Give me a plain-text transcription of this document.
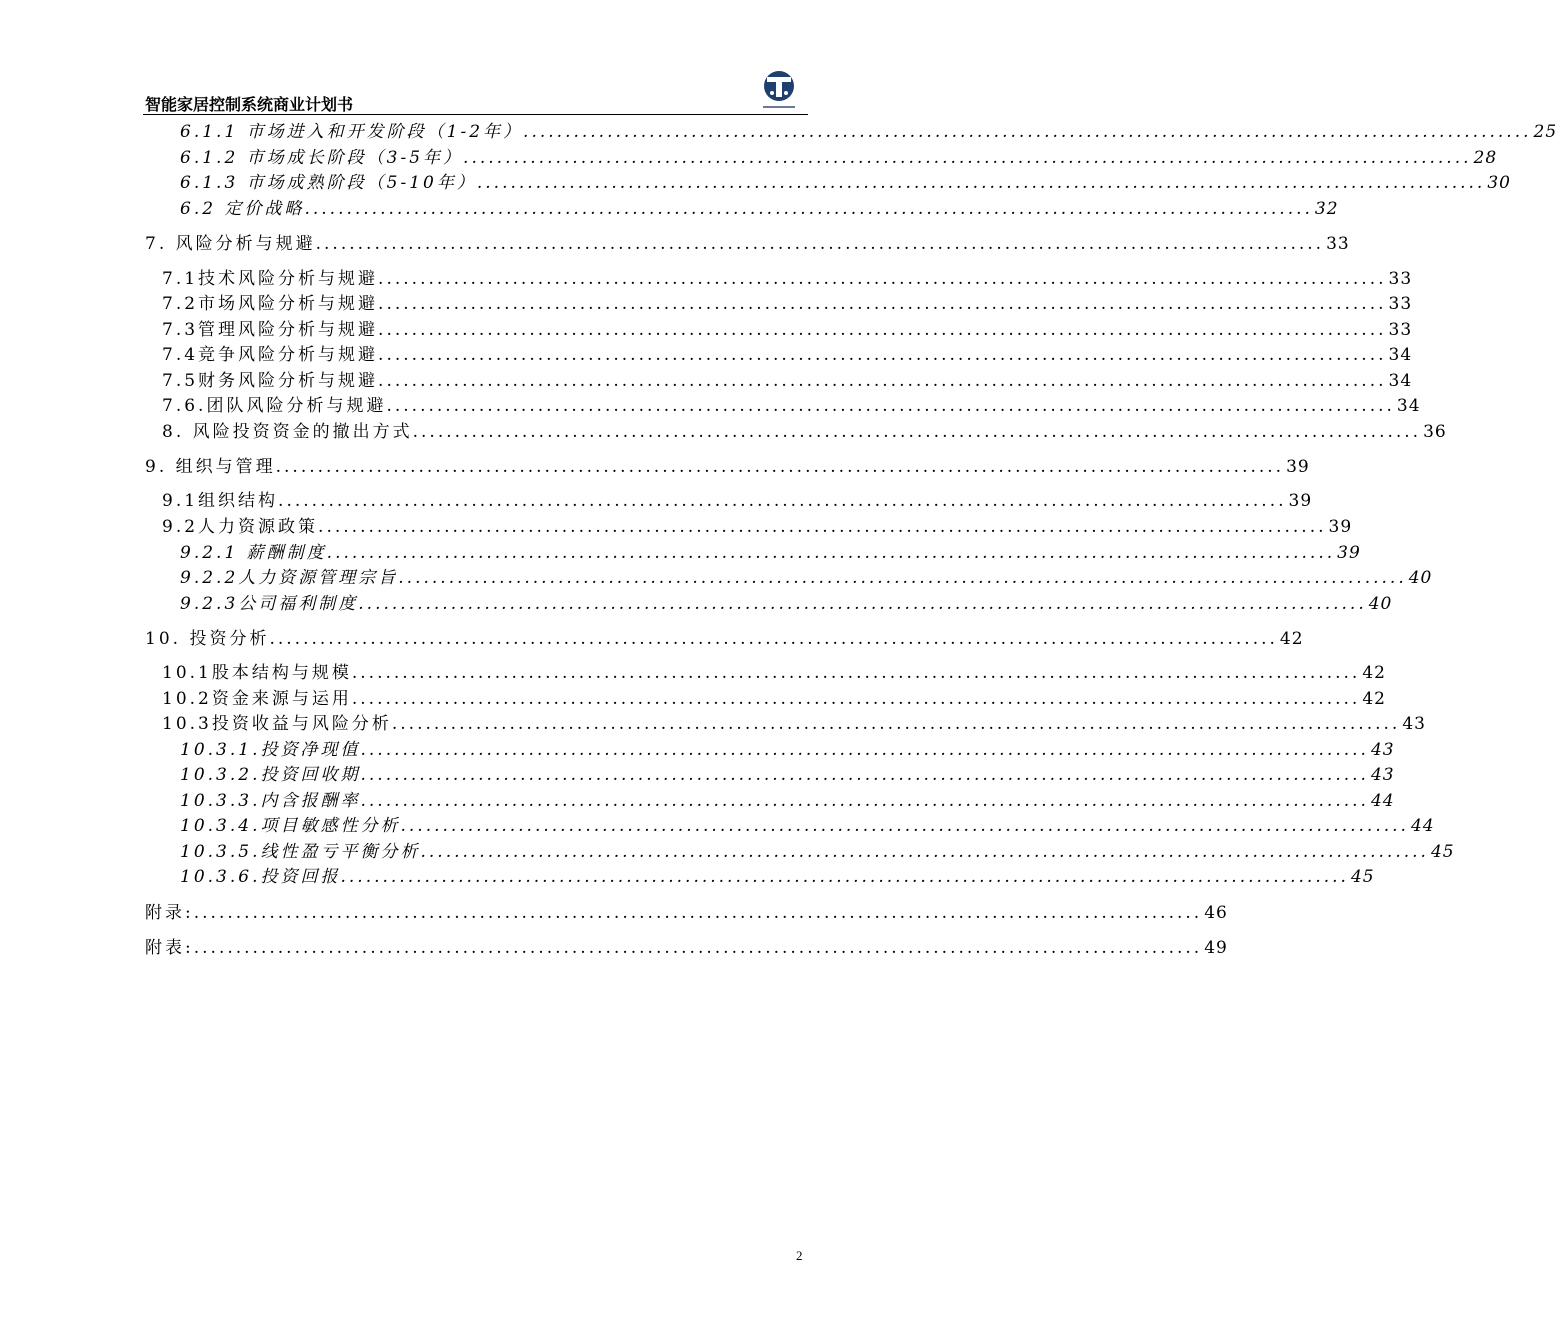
智能家居控制系统商业计划书
6.1.1 市场进入和开发阶段（1-2年） ........................................................................................................................ 25
6.1.2 市场成长阶段（3-5年） ........................................................................................................................ 28
6.1.3 市场成熟阶段（5-10年） ........................................................................................................................ 30
6.2 定价战略 ........................................................................................................................ 32
7. 风险分析与规避 ........................................................................................................................ 33
7.1技术风险分析与规避 ........................................................................................................................ 33
7.2市场风险分析与规避 ........................................................................................................................ 33
7.3管理风险分析与规避 ........................................................................................................................ 33
7.4竞争风险分析与规避 ........................................................................................................................ 34
7.5财务风险分析与规避 ........................................................................................................................ 34
7.6.团队风险分析与规避 ........................................................................................................................ 34
8. 风险投资资金的撤出方式 ........................................................................................................................ 36
9. 组织与管理 ........................................................................................................................ 39
9.1组织结构 ........................................................................................................................ 39
9.2人力资源政策 ........................................................................................................................ 39
9.2.1 薪酬制度 ........................................................................................................................ 39
9.2.2人力资源管理宗旨 ........................................................................................................................ 40
9.2.3公司福利制度 ........................................................................................................................ 40
10. 投资分析 ........................................................................................................................ 42
10.1股本结构与规模 ........................................................................................................................ 42
10.2资金来源与运用 ........................................................................................................................ 42
10.3投资收益与风险分析 ........................................................................................................................ 43
10.3.1.投资净现值 ........................................................................................................................ 43
10.3.2.投资回收期 ........................................................................................................................ 43
10.3.3.内含报酬率 ........................................................................................................................ 44
10.3.4.项目敏感性分析 ........................................................................................................................ 44
10.3.5.线性盈亏平衡分析 ........................................................................................................................ 45
10.3.6.投资回报 ........................................................................................................................ 45
附录: ........................................................................................................................ 46
附表: ........................................................................................................................ 49
2
